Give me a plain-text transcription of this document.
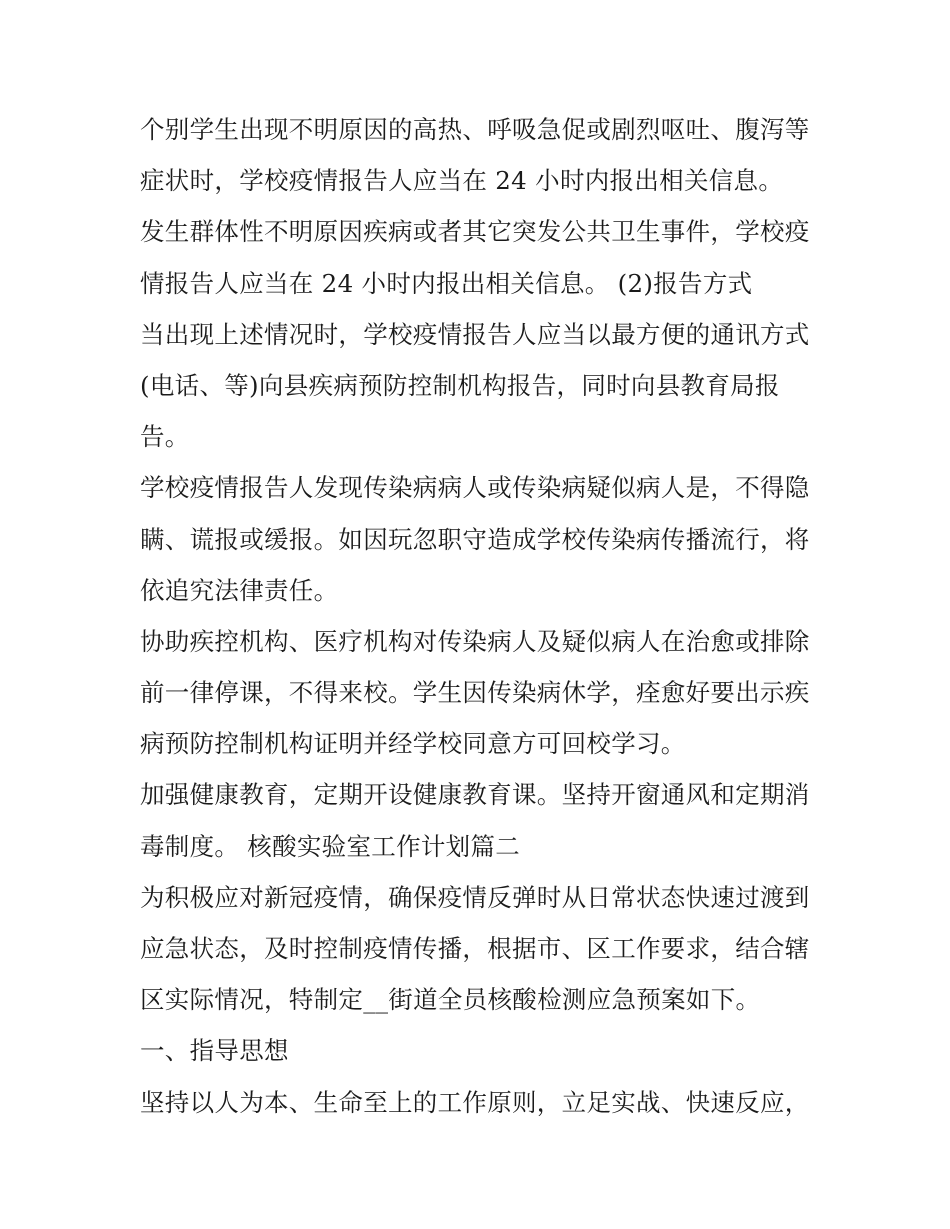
个别学生出现不明原因的高热、呼吸急促或剧烈呕吐、腹泻等
症状时，学校疫情报告人应当在 24 小时内报出相关信息。
发生群体性不明原因疾病或者其它突发公共卫生事件，学校疫
情报告人应当在 24 小时内报出相关信息。 (2)报告方式
当出现上述情况时，学校疫情报告人应当以最方便的通讯方式
(电话、等)向县疾病预防控制机构报告，同时向县教育局报
告。
学校疫情报告人发现传染病病人或传染病疑似病人是，不得隐
瞒、谎报或缓报。如因玩忽职守造成学校传染病传播流行，将
依追究法律责任。
协助疾控机构、医疗机构对传染病人及疑似病人在治愈或排除
前一律停课，不得来校。学生因传染病休学，痊愈好要出示疾
病预防控制机构证明并经学校同意方可回校学习。
加强健康教育，定期开设健康教育课。坚持开窗通风和定期消
毒制度。 核酸实验室工作计划篇二
为积极应对新冠疫情，确保疫情反弹时从日常状态快速过渡到
应急状态，及时控制疫情传播，根据市、区工作要求，结合辖
区实际情况，特制定__街道全员核酸检测应急预案如下。
一、指导思想
坚持以人为本、生命至上的工作原则，立足实战、快速反应，
